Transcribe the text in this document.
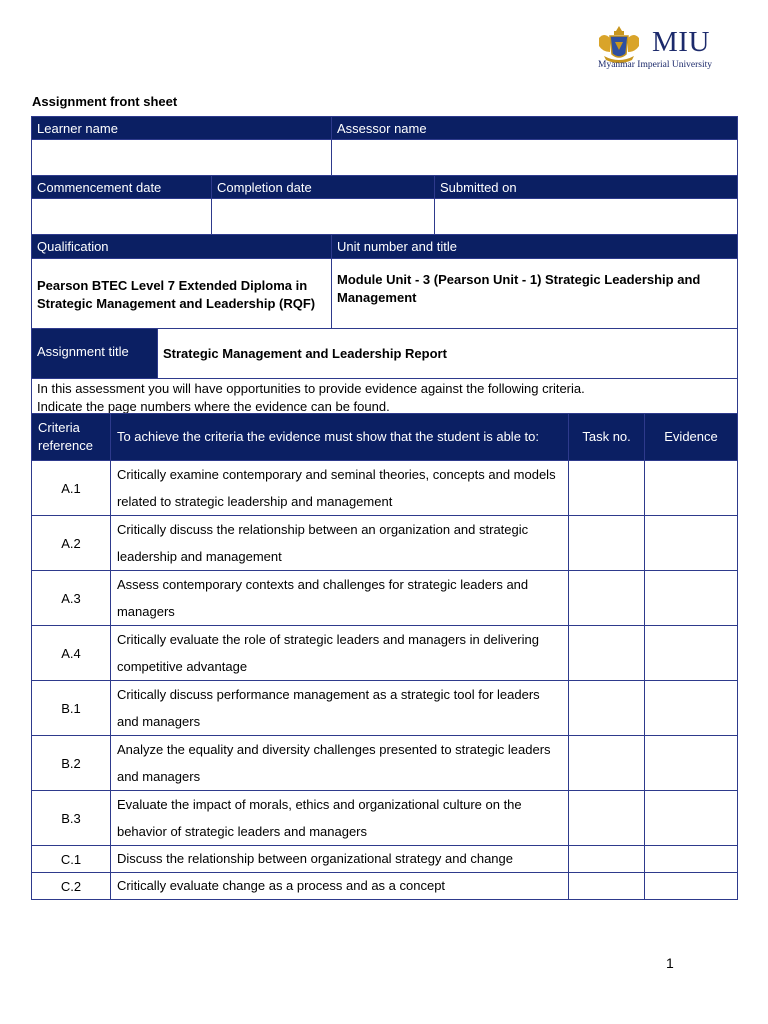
MIU
Myanmar Imperial University
Assignment front sheet
Learner name	Assessor name
Commencement date	Completion date	Submitted on
Qualification	Unit number and title
Pearson BTEC Level 7 Extended Diploma in Strategic Management and Leadership (RQF)
Module Unit - 3 (Pearson Unit - 1) Strategic Leadership and Management
Assignment title	Strategic Management and Leadership Report
In this assessment you will have opportunities to provide evidence against the following criteria.
Indicate the page numbers where the evidence can be found.
Criteria reference	To achieve the criteria the evidence must show that the student is able to:	Task no.	Evidence
A.1	Critically examine contemporary and seminal theories, concepts and models related to strategic leadership and management		
A.2	Critically discuss the relationship between an organization and strategic leadership and management		
A.3	Assess contemporary contexts and challenges for strategic leaders and managers		
A.4	Critically evaluate the role of strategic leaders and managers in delivering competitive advantage		
B.1	Critically discuss performance management as a strategic tool for leaders and managers		
B.2	Analyze the equality and diversity challenges presented to strategic leaders and managers		
B.3	Evaluate the impact of morals, ethics and organizational culture on the behavior of strategic leaders and managers		
C.1	Discuss the relationship between organizational strategy and change		
C.2	Critically evaluate change as a process and as a concept		
1
